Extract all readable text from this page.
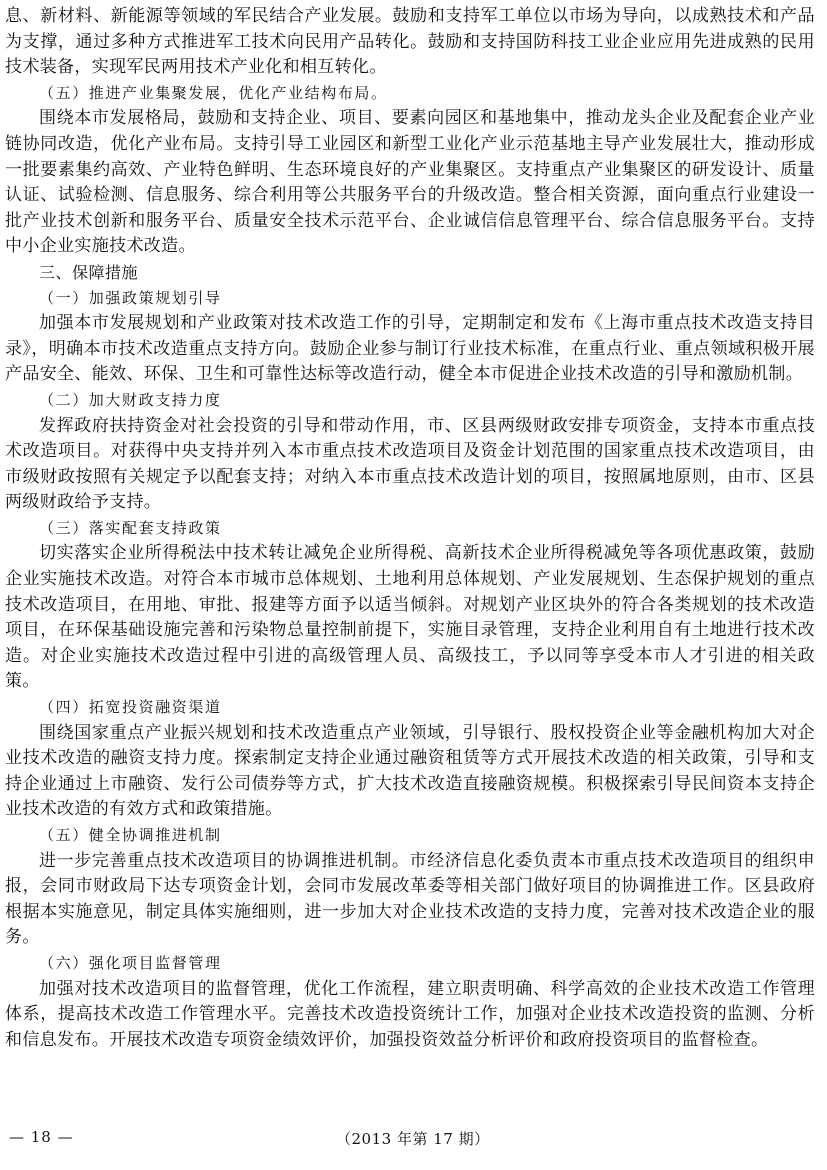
息、新材料、新能源等领域的军民结合产业发展。鼓励和支持军工单位以市场为导向，以成熟技术和产品为支撑，通过多种方式推进军工技术向民用产品转化。鼓励和支持国防科技工业企业应用先进成熟的民用技术装备，实现军民两用技术产业化和相互转化。

（五）推进产业集聚发展，优化产业结构布局。

围绕本市发展格局，鼓励和支持企业、项目、要素向园区和基地集中，推动龙头企业及配套企业产业链协同改造，优化产业布局。支持引导工业园区和新型工业化产业示范基地主导产业发展壮大，推动形成一批要素集约高效、产业特色鲜明、生态环境良好的产业集聚区。支持重点产业集聚区的研发设计、质量认证、试验检测、信息服务、综合利用等公共服务平台的升级改造。整合相关资源，面向重点行业建设一批产业技术创新和服务平台、质量安全技术示范平台、企业诚信信息管理平台、综合信息服务平台。支持中小企业实施技术改造。

三、保障措施

（一）加强政策规划引导

加强本市发展规划和产业政策对技术改造工作的引导，定期制定和发布《上海市重点技术改造支持目录》，明确本市技术改造重点支持方向。鼓励企业参与制订行业技术标准，在重点行业、重点领域积极开展产品安全、能效、环保、卫生和可靠性达标等改造行动，健全本市促进企业技术改造的引导和激励机制。

（二）加大财政支持力度

发挥政府扶持资金对社会投资的引导和带动作用，市、区县两级财政安排专项资金，支持本市重点技术改造项目。对获得中央支持并列入本市重点技术改造项目及资金计划范围的国家重点技术改造项目，由市级财政按照有关规定予以配套支持；对纳入本市重点技术改造计划的项目，按照属地原则，由市、区县两级财政给予支持。

（三）落实配套支持政策

切实落实企业所得税法中技术转让减免企业所得税、高新技术企业所得税减免等各项优惠政策，鼓励企业实施技术改造。对符合本市城市总体规划、土地利用总体规划、产业发展规划、生态保护规划的重点技术改造项目，在用地、审批、报建等方面予以适当倾斜。对规划产业区块外的符合各类规划的技术改造项目，在环保基础设施完善和污染物总量控制前提下，实施目录管理，支持企业利用自有土地进行技术改造。对企业实施技术改造过程中引进的高级管理人员、高级技工，予以同等享受本市人才引进的相关政策。

（四）拓宽投资融资渠道

围绕国家重点产业振兴规划和技术改造重点产业领域，引导银行、股权投资企业等金融机构加大对企业技术改造的融资支持力度。探索制定支持企业通过融资租赁等方式开展技术改造的相关政策，引导和支持企业通过上市融资、发行公司债券等方式，扩大技术改造直接融资规模。积极探索引导民间资本支持企业技术改造的有效方式和政策措施。

（五）健全协调推进机制

进一步完善重点技术改造项目的协调推进机制。市经济信息化委负责本市重点技术改造项目的组织申报，会同市财政局下达专项资金计划，会同市发展改革委等相关部门做好项目的协调推进工作。区县政府根据本实施意见，制定具体实施细则，进一步加大对企业技术改造的支持力度，完善对技术改造企业的服务。

（六）强化项目监督管理

加强对技术改造项目的监督管理，优化工作流程，建立职责明确、科学高效的企业技术改造工作管理体系，提高技术改造工作管理水平。完善技术改造投资统计工作，加强对企业技术改造投资的监测、分析和信息发布。开展技术改造专项资金绩效评价，加强投资效益分析评价和政府投资项目的监督检查。

— 18 —	（2013 年第 17 期）
